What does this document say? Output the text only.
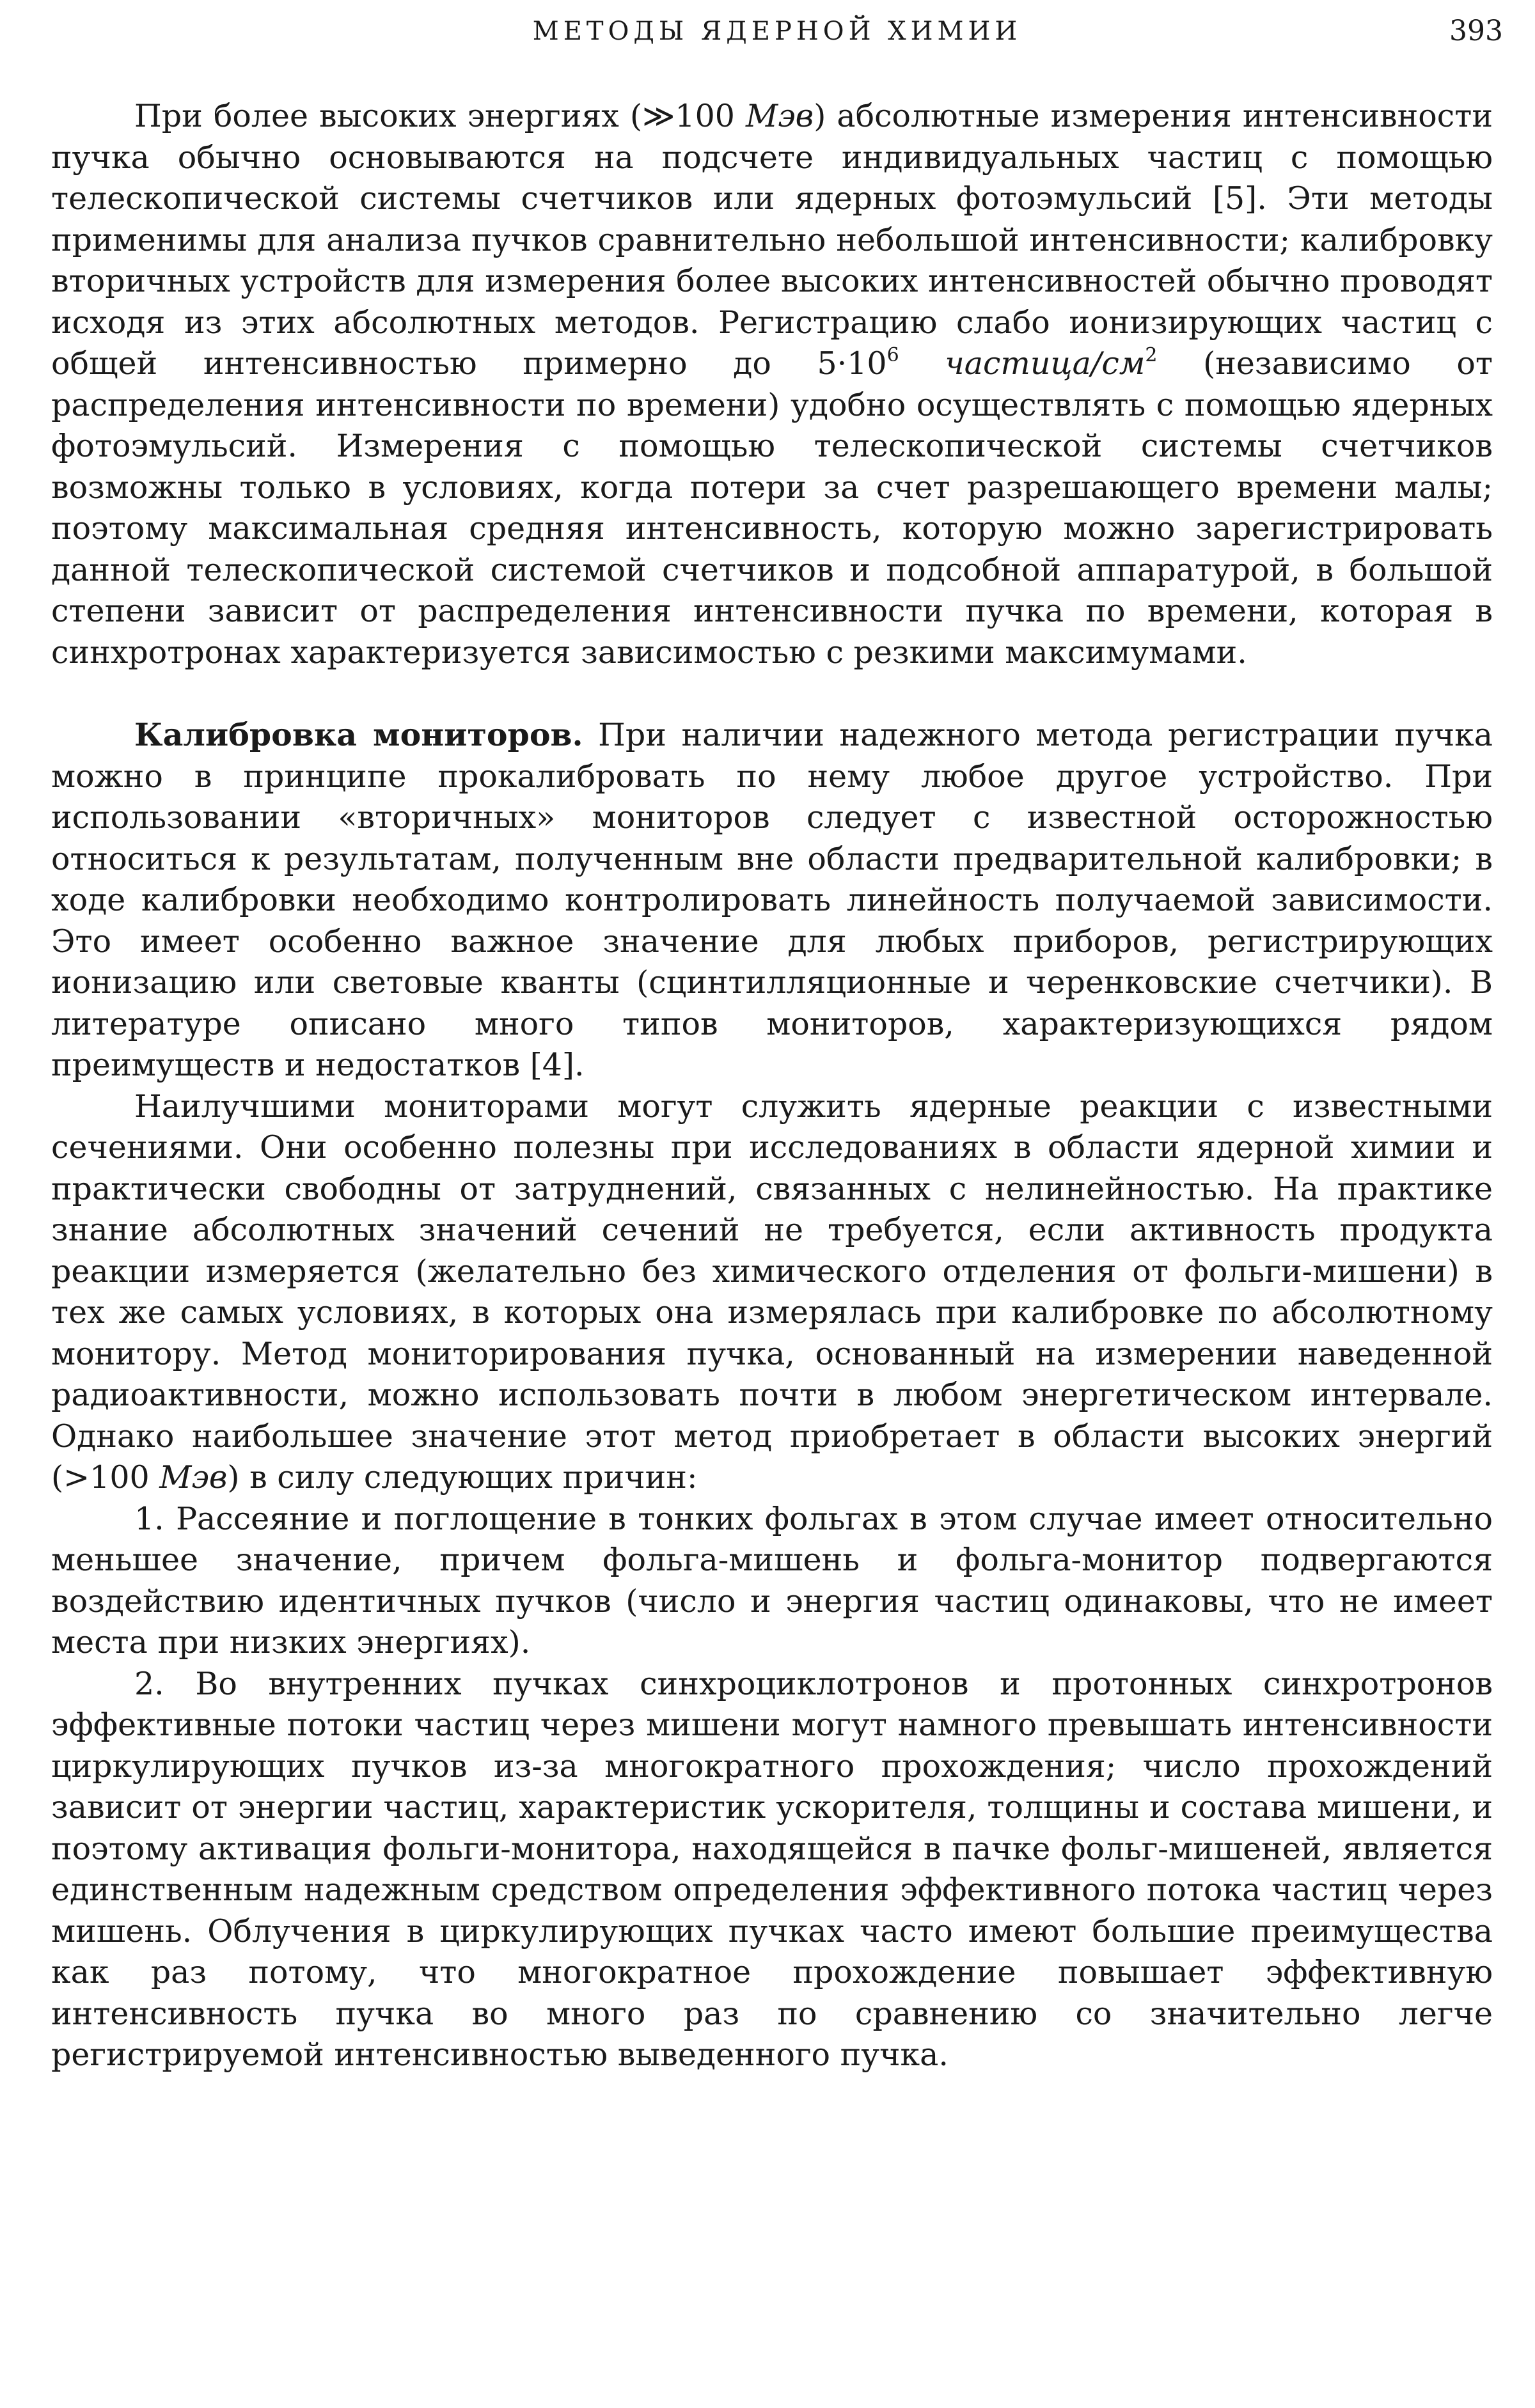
МЕТОДЫ ЯДЕРНОЙ ХИМИИ	393

При более высоких энергиях (≫100 Мэв) абсолютные измерения интенсивности пучка обычно основываются на подсчете индивидуальных частиц с помощью телескопической системы счетчиков или ядерных фотоэмульсий [5]. Эти методы применимы для анализа пучков сравнительно небольшой интенсивности; калибровку вторичных устройств для измерения более высоких интенсивностей обычно проводят исходя из этих абсолютных методов. Регистрацию слабо ионизирующих частиц с общей интенсивностью примерно до $5\cdot 10^6$ частица/$см^2$ (независимо от распределения интенсивности по времени) удобно осуществлять с помощью ядерных фотоэмульсий. Измерения с помощью телескопической системы счетчиков возможны только в условиях, когда потери за счет разрешающего времени малы; поэтому максимальная средняя интенсивность, которую можно зарегистрировать данной телескопической системой счетчиков и подсобной аппаратурой, в большой степени зависит от распределения интенсивности пучка по времени, которая в синхротронах характеризуется зависимостью с резкими максимумами.

Калибровка мониторов. При наличии надежного метода регистрации пучка можно в принципе прокалибровать по нему любое другое устройство. При использовании «вторичных» мониторов следует с известной осторожностью относиться к результатам, полученным вне области предварительной калибровки; в ходе калибровки необходимо контролировать линейность получаемой зависимости. Это имеет особенно важное значение для любых приборов, регистрирующих ионизацию или световые кванты (сцинтилляционные и черенковские счетчики). В литературе описано много типов мониторов, характеризующихся рядом преимуществ и недостатков [4].

Наилучшими мониторами могут служить ядерные реакции с известными сечениями. Они особенно полезны при исследованиях в области ядерной химии и практически свободны от затруднений, связанных с нелинейностью. На практике знание абсолютных значений сечений не требуется, если активность продукта реакции измеряется (желательно без химического отделения от фольги-мишени) в тех же самых условиях, в которых она измерялась при калибровке по абсолютному монитору. Метод мониторирования пучка, основанный на измерении наведенной радиоактивности, можно использовать почти в любом энергетическом интервале. Однако наибольшее значение этот метод приобретает в области высоких энергий (>100 Мэв) в силу следующих причин:

1. Рассеяние и поглощение в тонких фольгах в этом случае имеет относительно меньшее значение, причем фольга-мишень и фольга-монитор подвергаются воздействию идентичных пучков (число и энергия частиц одинаковы, что не имеет места при низких энергиях).

2. Во внутренних пучках синхроциклотронов и протонных синхротронов эффективные потоки частиц через мишени могут намного превышать интенсивности циркулирующих пучков из-за многократного прохождения; число прохождений зависит от энергии частиц, характеристик ускорителя, толщины и состава мишени, и поэтому активация фольги-монитора, находящейся в пачке фольг-мишеней, является единственным надежным средством определения эффективного потока частиц через мишень. Облучения в циркулирующих пучках часто имеют большие преимущества как раз потому, что многократное прохождение повышает эффективную интенсивность пучка во много раз по сравнению со значительно легче регистрируемой интенсивностью выведенного пучка.
